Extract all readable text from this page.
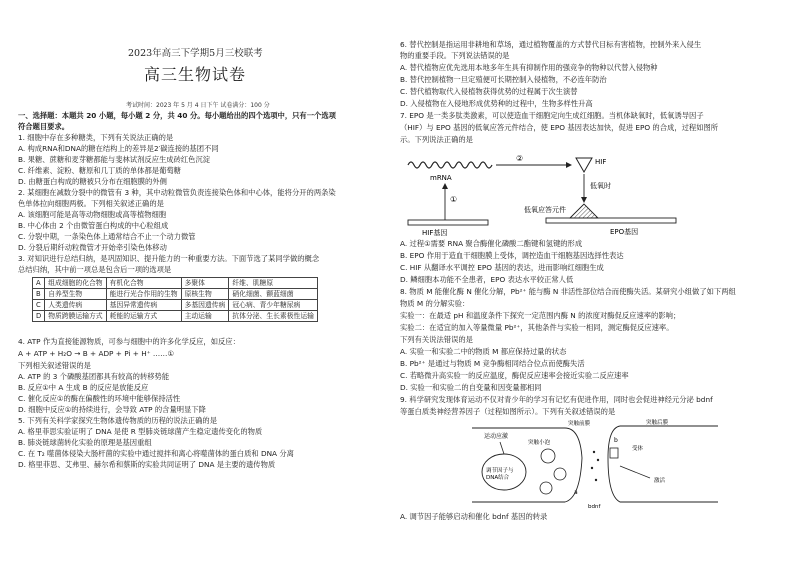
2023年高三下学期5月三校联考
高三生物试卷
考试时间：2023 年 5 月 4 日下午 试卷满分：100 分
一、选择题：本题共 20 小题，每小题 2 分，共 40 分。每小题给出的四个选项中，只有一个选项
符合题目要求。
1. 细胞中存在多种糖类，下列有关说法正确的是
A. 构成RNA和DNA的糖在结构上的差异是2′碳连接的基团不同
B. 果糖、蔗糖和麦芽糖都能与斐林试剂反应生成砖红色沉淀
C. 纤维素、淀粉、糖原和几丁质的单体都是葡萄糖
D. 由糖蛋白构成的糖被只分布在细胞膜的外侧
2. 某细胞在减数分裂中的微管有 3 种，其中动粒微管负责连接染色体和中心体，能将分开的两条染
色单体拉向细胞两极。下列相关叙述正确的是
A. 该细胞可能是高等动物细胞或高等植物细胞
B. 中心体由 2 个由微管蛋白构成的中心粒组成
C. 分裂中期，一条染色体上通常结合不止一个动力微管
D. 分裂后期纤动粒微管才开始牵引染色体移动
3. 对知识进行总结归纳，是巩固知识、提升能力的一种重要方法。下面节选了某同学做的概念
总结归纳，其中前一项总是包含后一项的选项是
A	组成细胞的化合物	有机化合物	多聚体	纤维、肌糖原
B	自养型生物	能进行光合作用的生物	原核生物	硝化细菌、颤蓝细菌
C	人类遗传病	基因异常遗传病	多基因遗传病	冠心病、青少年糖尿病
D	物质跨膜运输方式	耗能的运输方式	主动运输	抗体分泌、生长素极性运输
4. ATP 作为直接能源物质，可参与细胞中的许多化学反应，如反应：
A + ATP + H₂O → B + ADP + Pi + H⁺ ……①
下列相关叙述错误的是
A. ATP 的 3 个磷酸基团都具有较高的转移势能
B. 反应①中 A 生成 B 的反应是放能反应
C. 催化反应①的酶在偏酸性的环境中能够保持活性
D. 细胞中反应①的持续进行，会导致 ATP 的含量明显下降
5. 下列有关科学家探究生物体遗传物质的历程的说法正确的是
A. 格里菲思实验证明了 DNA 是使 R 型肺炎链球菌产生稳定遗传变化的物质
B. 肺炎链球菌转化实验的原理是基因重组
C. 在 T₂ 噬菌体侵染大肠杆菌的实验中通过搅拌和离心将噬菌体的蛋白质和 DNA 分离
D. 格里菲思、艾弗里、赫尔希和蔡斯的实验共同证明了 DNA 是主要的遗传物质
6. 替代控制是指运用非耕地和草场，通过植物覆盖的方式替代目标有害植物，控制外来入侵生
物的重要手段。下列说法错误的是
A. 替代植物应优先选用本地多年生具有抑制作用的强竞争的物种以代替入侵物种
B. 替代控制植物一旦定殖便可长期控制入侵植物，不必连年防治
C. 替代植物取代入侵植物获得优势的过程属于次生演替
D. 入侵植物在入侵地形成优势种的过程中，生物多样性升高
7. EPO 是一类多肽类激素，可以使造血干细胞定向生成红细胞。当机体缺氧时，低氧诱导因子
（HIF）与 EPO 基因的低氧应答元件结合，使 EPO 基因表达加快，促进 EPO 的合成，过程如图所
示。下列说法正确的是
mRNA
①
HIF基因
②	HIF
低氧时
低氧应答元件
EPO基因
A. 过程①需要 RNA 聚合酶催化磷酸二酯键和氢键的形成
B. EPO 作用于造血干细胞膜上受体，调控造血干细胞基因选择性表达
C. HIF 从翻译水平调控 EPO 基因的表达，进而影响红细胞生成
D. 鳞细胞本功能不全患者，EPO 表达水平较正常人低
8. 物质 M 能催化酶 N 催化分解，Pb²⁺ 能与酶 N 非活性部位结合而使酶失活。某研究小组做了如下两组
物质 M 的分解实验：
实验一：在最适 pH 和温度条件下探究一定范围内酶 N 的浓度对酶促反应速率的影响；
实验二：在适宜的加入等量微量 Pb²⁺，其他条件与实验一相同，测定酶促反应速率。
下列有关说法错误的是
A. 实验一和实验二中的物质 M 都应保持过量的状态
B. Pb²⁺ 是通过与物质 M 竞争酶相同结合位点而使酶失活
C. 若略微升高实验一的反应温度，酶促反应速率会接近实验二反应速率
D. 实验一和实验二的自变量和因变量都相同
9. 科学研究发现体育运动不仅对青少年的学习有记忆有促进作用，同时也会促进神经元分泌 bdnf
等蛋白质类神经营养因子（过程如图所示）。下列有关叙述错误的是
运动应激
调节因子与
DNA结合
突触小泡
突触前膜
bdnf
a
突触后膜
受体
b
激活
A. 调节因子能够启动和催化 bdnf 基因的转录
